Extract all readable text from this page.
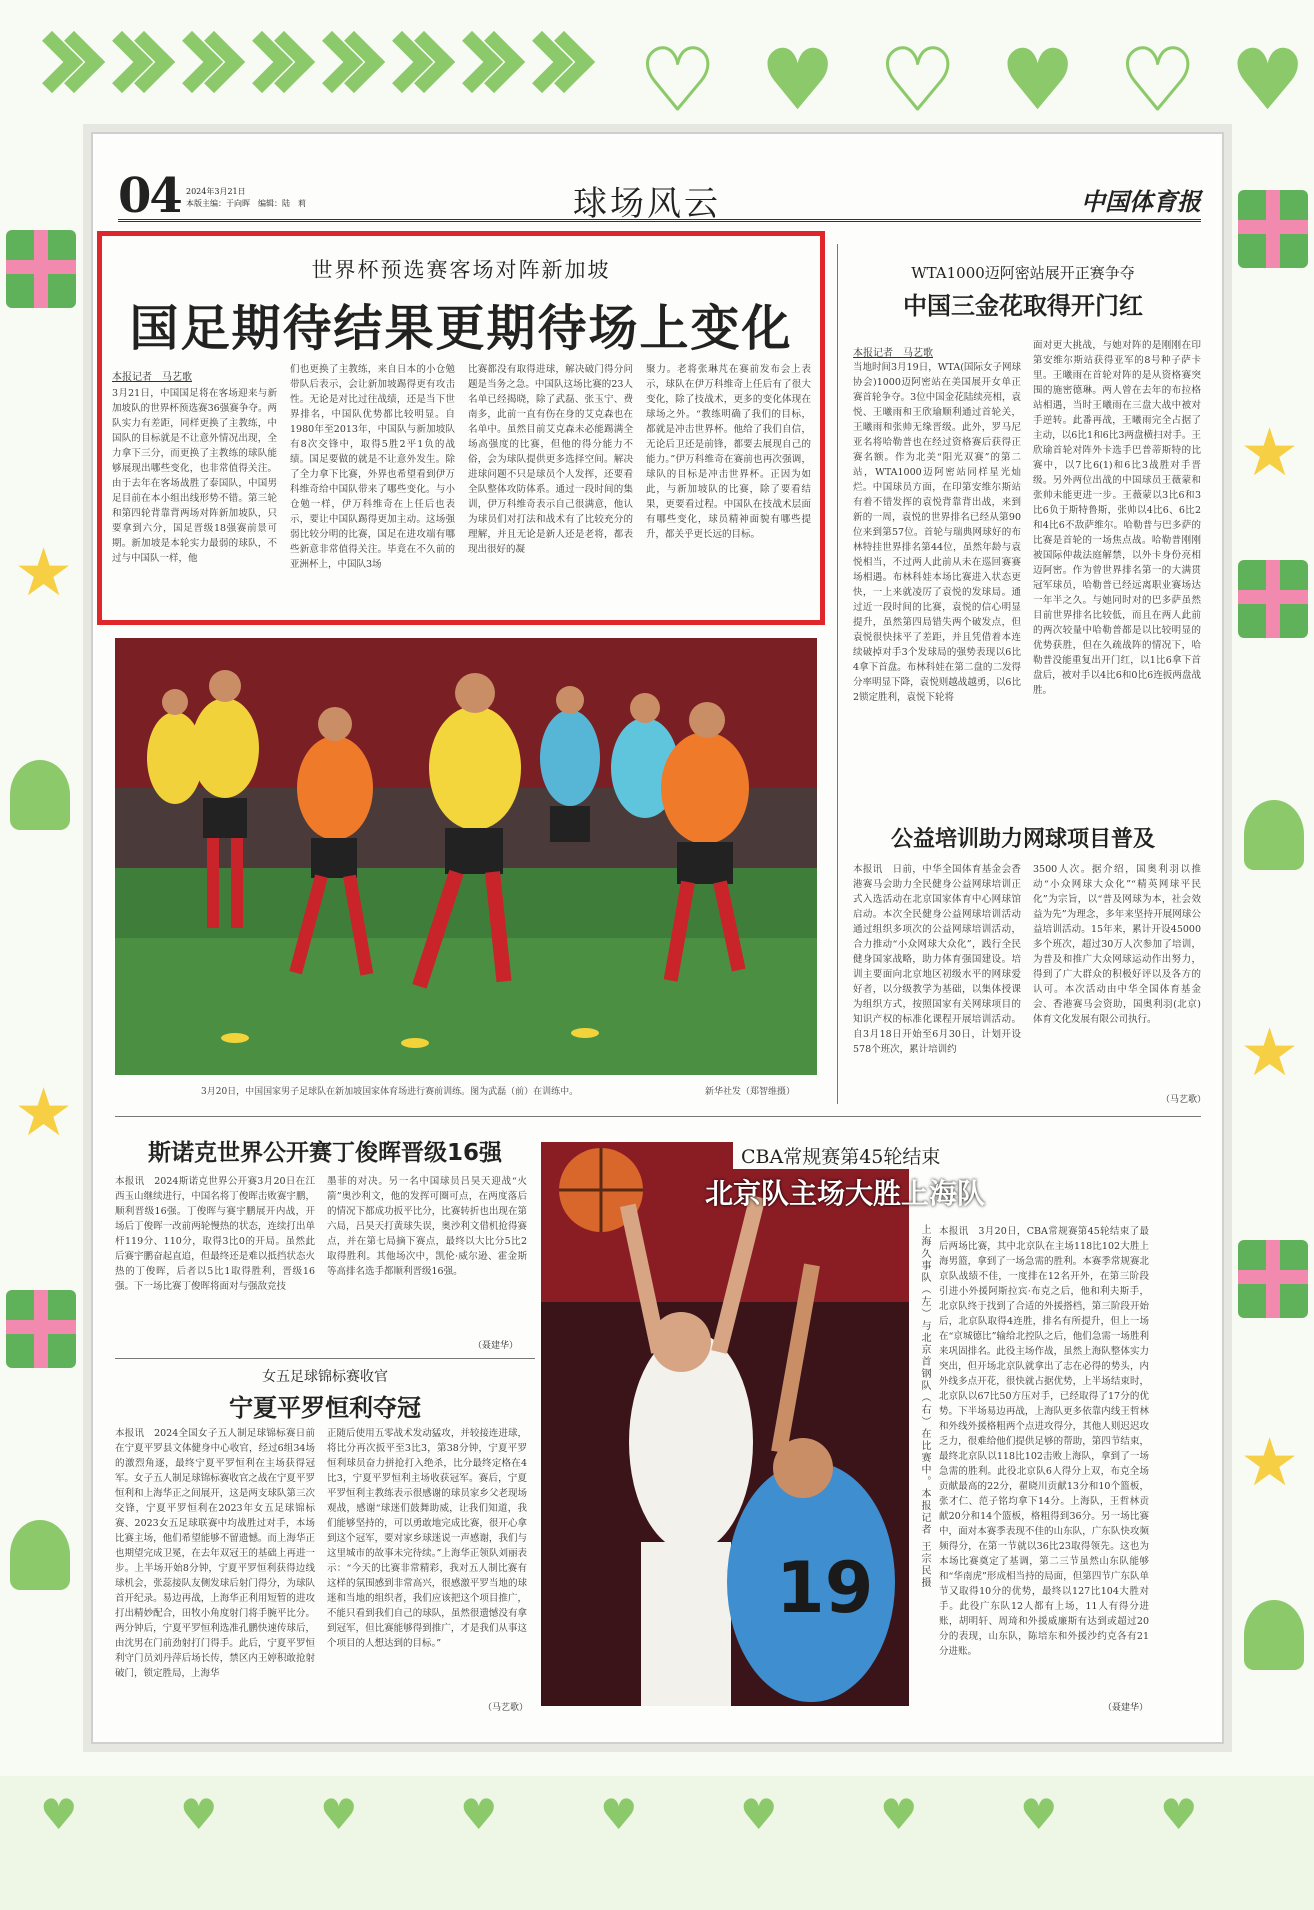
♥ ♥ ♥ ♥ ♥ ♥
★
★
★
★
★
♥ ♥ ♥ ♥ ♥ ♥ ♥ ♥ ♥
04 2024年3月21日
本版主编：于向晖　编辑：陆　莉	球场风云	中国体育报
世界杯预选赛客场对阵新加坡
国足期待结果更期待场上变化
本报记者　马艺歌
3月21日，中国国足将在客场迎来与新加坡队的世界杯预选赛36强赛争夺。两队实力有差距，同样更换了主教练，中国队的目标就是不让意外情况出现，全力拿下三分，而更换了主教练的球队能够展现出哪些变化，也非常值得关注。由于去年在客场战胜了泰国队，中国男足目前在本小组出线形势不错。第三轮和第四轮背靠背两场对阵新加坡队，只要拿到六分，国足晋级18强赛前景可期。新加坡是本轮实力最弱的球队，不过与中国队一样，他
们也更换了主教练，来自日本的小仓勉带队后表示，会让新加坡踢得更有攻击性。无论是对比过往战绩，还是当下世界排名，中国队优势都比较明显。自1980年至2013年，中国队与新加坡队有8次交锋中，取得5胜2平1负的战绩。国足要做的就是不让意外发生。除了全力拿下比赛，外界也希望看到伊万科维奇给中国队带来了哪些变化。与小仓勉一样，伊万科维奇在上任后也表示，要让中国队踢得更加主动。这场强弱比较分明的比赛，国足在进攻端有哪些新意非常值得关注。毕竟在不久前的亚洲杯上，中国队3场
比赛都没有取得进球，解决破门得分问题是当务之急。中国队这场比赛的23人名单已经揭晓，除了武磊、张玉宁、费南多，此前一直有伤在身的艾克森也在名单中。虽然目前艾克森未必能踢满全场高强度的比赛，但他的得分能力不俗，会为球队提供更多选择空间。解决进球问题不只是球员个人发挥，还要看全队整体攻防体系。通过一段时间的集训，伊万科维奇表示自己很满意，他认为球员们对打法和战术有了比较充分的理解，并且无论是新人还是老将，都表现出很好的凝
聚力。老将张琳芃在赛前发布会上表示，球队在伊万科维奇上任后有了很大变化，除了技战术，更多的变化体现在球场之外。“教练明确了我们的目标，都就是冲击世界杯。他给了我们自信，无论后卫还是前锋，都要去展现自己的能力。”伊万科维奇在赛前也再次强调，球队的目标是冲击世界杯。正因为如此，与新加坡队的比赛，除了要看结果，更要看过程。中国队在技战术层面有哪些变化，球员精神面貌有哪些提升，都关乎更长远的目标。
3月20日，中国国家男子足球队在新加坡国家体育场进行赛前训练。图为武磊（前）在训练中。	新华社发（郑智维摄）
WTA1000迈阿密站展开正赛争夺
中国三金花取得开门红
本报记者　马艺歌
当地时间3月19日，WTA(国际女子网球协会)1000迈阿密站在美国展开女单正赛首轮争夺。3位中国金花陆续亮相，袁悦、王曦雨和王欣瑜顺利通过首轮关，王曦雨和张帅无缘晋级。此外，罗马尼亚名将哈勒普也在经过资格赛后获得正赛名额。作为北美“阳光双赛”的第二站，WTA1000迈阿密站同样星光灿烂。中国球员方面，在印第安维尔斯站有着不错发挥的袁悦背靠背出战，来到新的一周，袁悦的世界排名已经从第90位来到第57位。首轮与瑞典网球好的布林特挂世界排名第44位，虽然年龄与袁悦相当，不过两人此前从未在巡回赛赛场相遇。布林科娃本场比赛进入状态更快，一上来就凌厉了袁悦的发球局。通过近一段时间的比赛，袁悦的信心明显提升，虽然第四局错失两个破发点，但袁悦很快抹平了差距，并且凭借着本连续破掉对手3个发球局的强势表现以6比4拿下首盘。布林科娃在第二盘的二发得分率明显下降，袁悦则越战越勇，以6比2锁定胜利，袁悦下轮将
面对更大挑战，与她对阵的是刚刚在印第安维尔斯站获得亚军的8号种子萨卡里。王曦雨在首轮对阵的是从资格赛突围的施密德琳。两人曾在去年的布拉格站相遇，当时王曦雨在三盘大战中被对手逆转。此番再战，王曦雨完全占据了主动，以6比1和6比3两盘横扫对手。王欣瑜首轮对阵外卡选手巴普蒂斯特的比赛中，以7比6(1)和6比3战胜对手晋级。另外两位出战的中国球员王薇蒙和张帅未能更进一步。王薇蒙以3比6和3比6负于斯特鲁斯，张帅以4比6、6比2和4比6不敌萨维尔。哈勒普与巴多萨的比赛是首轮的一场焦点战。哈勒普刚刚被国际仲裁法庭解禁，以外卡身份亮相迈阿密。作为曾世界排名第一的大满贯冠军球员，哈勒普已经远离职业赛场达一年半之久。与她同时对的巴多萨虽然目前世界排名比较低，而且在两人此前的两次较量中哈勒普都是以比较明显的优势获胜，但在久疏战阵的情况下，哈勒普没能重复出开门红，以1比6拿下首盘后，被对手以4比6和0比6连扳两盘战胜。
公益培训助力网球项目普及
本报讯　日前，中华全国体育基金会香港赛马会助力全民健身公益网球培训正式入选活动在北京国家体育中心网球馆启动。本次全民健身公益网球培训活动通过组织多项次的公益网球培训活动，合力推动“小众网球大众化”，践行全民健身国家战略，助力体育强国建设。培训主要面向北京地区初级水平的网球爱好者，以分级教学为基础，以集体授课为组织方式，按照国家有关网球项目的知识产权的标准化课程开展培训活动。自3月18日开始至6月30日，计划开设578个班次，累计培训约
3500人次。据介绍，国奥利羽以推动“小众网球大众化”“精英网球平民化”为宗旨，以“普及网球为本，社会效益为先”为理念，多年来坚持开展网球公益培训活动。15年来，累计开设45000多个班次，超过30万人次参加了培训，为普及和推广大众网球运动作出努力，得到了广大群众的积极好评以及各方的认可。本次活动由中华全国体育基金会、香港赛马会资助，国奥利羽(北京)体育文化发展有限公司执行。
（马艺歌）
斯诺克世界公开赛丁俊晖晋级16强
本报讯　2024斯诺克世界公开赛3月20日在江西玉山继续进行，中国名将丁俊晖击败赛宇鹏，顺利晋级16强。丁俊晖与赛宇鹏展开内战，开场后丁俊晖一改前两轮慢热的状态，连续打出单杆119分、110分，取得3比0的开局。虽然此后赛宇鹏奋起直追，但最终还是难以抵挡状态火热的丁俊晖，后者以5比1取得胜利，晋级16强。下一场比赛丁俊晖将面对与强敌竞技
墨菲的对决。另一名中国球员吕昊天迎战“火箭”奥沙利文，他的发挥可圈可点，在两度落后的情况下都成功扳平比分，比赛转折也出现在第六局，吕昊天打黄球失误，奥沙利文借机抢得赛点，并在第七局摘下赛点，最终以大比分5比2取得胜利。其他场次中，凯伦·威尔逊、霍金斯等高排名选手都顺利晋级16强。
（聂建华）
女五足球锦标赛收官
宁夏平罗恒利夺冠
本报讯　2024全国女子五人制足球锦标赛日前在宁夏平罗县文体健身中心收官，经过6组34场的激烈角逐，最终宁夏平罗恒利在主场获得冠军。女子五人制足球锦标赛收官之战在宁夏平罗恒利和上海华正之间展开，这是两支球队第三次交锋，宁夏平罗恒利在2023年女五足球锦标赛、2023女五足球联赛中均战胜过对手，本场比赛主场，他们希望能够不留遗憾。而上海华正也期望完成卫冕，在去年双冠王的基础上再进一步。上半场开始8分钟，宁夏平罗恒利获得边线球机会，张蕊接队友侧发球后射门得分，为球队首开纪录。易边再战，上海华正利用短暂的进攻打出精妙配合，田牧小角度射门将手腕平比分。两分钟后，宁夏平罗恒利选准孔鹏快速传球后，由沈男在门前劲射打门得手。此后，宁夏平罗恒利守门员刘丹萍后场长传，禁区内王婷积敢抢射破门，锁定胜局，上海华
正随后使用五零战术发动猛攻，并较接连进球，将比分再次扳平至3比3，第38分钟，宁夏平罗恒利球员奋力拼抢打入绝杀，比分最终定格在4比3，宁夏平罗恒利主场收获冠军。赛后，宁夏平罗恒利主教练表示很感谢的球员家乡父老现场观战，感谢“球迷们鼓舞助威，让我们知道，我们能够坚持的，可以勇敢地完成比赛，很开心拿到这个冠军，要对家乡球迷说一声感谢，我们与这里城市的故事未完待续。”上海华正领队刘丽表示：“今天的比赛非常精彩，我对五人制比赛有这样的氛围感到非常高兴，很感激平罗当地的球迷和当地的组织者，我们应该把这个项目推广，不能只看到我们自己的球队，虽然很遗憾没有拿到冠军，但比赛能够得到推广，才是我们从事这个项目的人想达到的目标。”
（马艺歌）
19
CBA常规赛第45轮结束
北京队主场大胜上海队
上海久事队（左）与北京首钢队（右）在比赛中。本报记者 王宗民摄 本报讯　3月20日，CBA常规赛第45轮结束了最后两场比赛，其中北京队在主场118比102大胜上海男篮，拿到了一场急需的胜利。本赛季常规赛北京队战绩不佳，一度排在12名开外，在第三阶段引进小外援阿斯拉宾·布克之后，他和利夫斯手，北京队终于找到了合适的外援搭档，第三阶段开始后，北京队取得4连胜，排名有所提升，但上一场在“京城德比”输给北控队之后，他们急需一场胜利来巩固排名。此役主场作战，虽然上海队整体实力突出，但开场北京队就拿出了志在必得的势头，内外线多点开花，很快就占据优势，上半场结束时，北京队以67比50方压对手，已经取得了17分的优势。下半场易边再战，上海队更多依靠内线王哲林和外线外援格粗两个点进攻得分，其他人则迟迟攻乏力，很难给他们提供足够的帮助，第四节结束，最终北京队以118比102击败上海队，拿到了一场急需的胜利。此役北京队6人得分上双，布克全场贡献最高的22分，翟晓川贡献13分和10个篮板，张才仁、范子铭均拿下14分。上海队，王哲林贡献20分和14个篮板，格粗得到36分。另一场比赛中，面对本赛季表现不佳的山东队，广东队快攻频频得分，在第一节就以36比23取得领先。这也为本场比赛奠定了基调，第二三节虽然山东队能够和“华南虎”形成相当持的局面，但第四节广东队单节又取得10分的优势，最终以127比104大胜对手。此役广东队12人都有上场，11人有得分进账，胡明轩、周琦和外援威廉斯有达到或超过20分的表现，山东队，陈培东和外援沙约克各有21分进账。
（聂建华）
